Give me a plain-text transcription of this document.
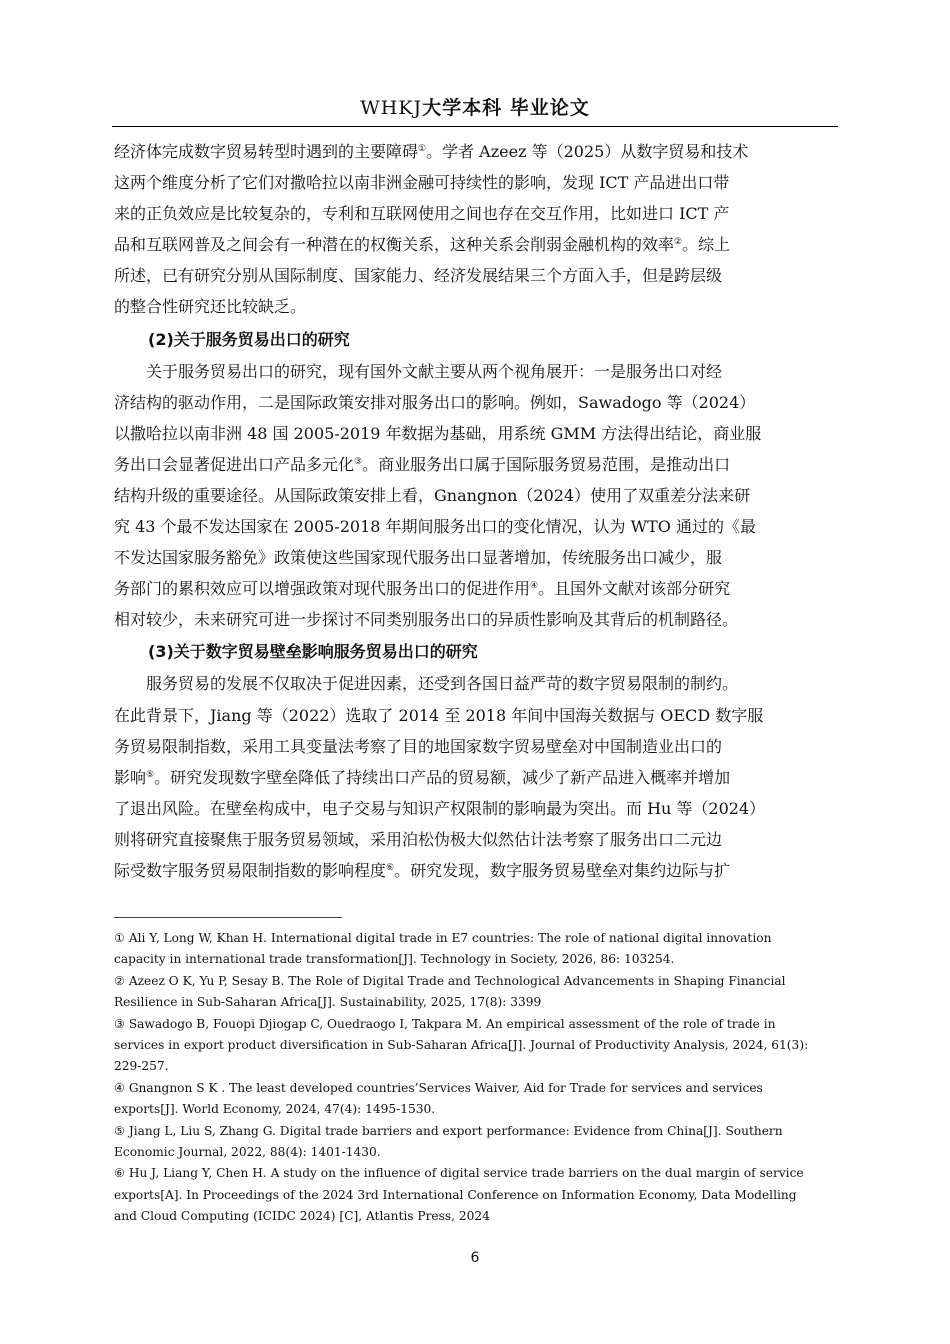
WHKJ大学本科 毕业论文

经济体完成数字贸易转型时遇到的主要障碍①。学者 Azeez 等（2025）从数字贸易和技术
这两个维度分析了它们对撒哈拉以南非洲金融可持续性的影响，发现 ICT 产品进出口带
来的正负效应是比较复杂的，专利和互联网使用之间也存在交互作用，比如进口 ICT 产
品和互联网普及之间会有一种潜在的权衡关系，这种关系会削弱金融机构的效率②。综上
所述，已有研究分别从国际制度、国家能力、经济发展结果三个方面入手，但是跨层级
的整合性研究还比较缺乏。

(2)关于服务贸易出口的研究

关于服务贸易出口的研究，现有国外文献主要从两个视角展开：一是服务出口对经
济结构的驱动作用，二是国际政策安排对服务出口的影响。例如，Sawadogo 等（2024）
以撒哈拉以南非洲 48 国 2005-2019 年数据为基础，用系统 GMM 方法得出结论，商业服
务出口会显著促进出口产品多元化③。商业服务出口属于国际服务贸易范围，是推动出口
结构升级的重要途径。从国际政策安排上看，Gnangnon（2024）使用了双重差分法来研
究 43 个最不发达国家在 2005-2018 年期间服务出口的变化情况，认为 WTO 通过的《最
不发达国家服务豁免》政策使这些国家现代服务出口显著增加，传统服务出口减少，服
务部门的累积效应可以增强政策对现代服务出口的促进作用④。且国外文献对该部分研究
相对较少，未来研究可进一步探讨不同类别服务出口的异质性影响及其背后的机制路径。

(3)关于数字贸易壁垒影响服务贸易出口的研究

服务贸易的发展不仅取决于促进因素，还受到各国日益严苛的数字贸易限制的制约。
在此背景下，Jiang 等（2022）选取了 2014 至 2018 年间中国海关数据与 OECD 数字服
务贸易限制指数，采用工具变量法考察了目的地国家数字贸易壁垒对中国制造业出口的
影响⑤。研究发现数字壁垒降低了持续出口产品的贸易额，减少了新产品进入概率并增加
了退出风险。在壁垒构成中，电子交易与知识产权限制的影响最为突出。而 Hu 等（2024）
则将研究直接聚焦于服务贸易领域，采用泊松伪极大似然估计法考察了服务出口二元边
际受数字服务贸易限制指数的影响程度⑥。研究发现，数字服务贸易壁垒对集约边际与扩

① Ali Y, Long W, Khan H. International digital trade in E7 countries: The role of national digital innovation
capacity in international trade transformation[J]. Technology in Society, 2026, 86: 103254.

② Azeez O K, Yu P, Sesay B. The Role of Digital Trade and Technological Advancements in Shaping Financial
Resilience in Sub-Saharan Africa[J]. Sustainability, 2025, 17(8): 3399

③ Sawadogo B, Fouopi Djiogap C, Ouedraogo I, Takpara M. An empirical assessment of the role of trade in
services in export product diversification in Sub-Saharan Africa[J]. Journal of Productivity Analysis, 2024, 61(3):
229-257.

④ Gnangnon S K . The least developed countries’Services Waiver, Aid for Trade for services and services
exports[J]. World Economy, 2024, 47(4): 1495-1530.

⑤ Jiang L, Liu S, Zhang G. Digital trade barriers and export performance: Evidence from China[J]. Southern
Economic Journal, 2022, 88(4): 1401-1430.

⑥ Hu J, Liang Y, Chen H. A study on the influence of digital service trade barriers on the dual margin of service
exports[A]. In Proceedings of the 2024 3rd International Conference on Information Economy, Data Modelling
and Cloud Computing (ICIDC 2024) [C], Atlantis Press, 2024

6
